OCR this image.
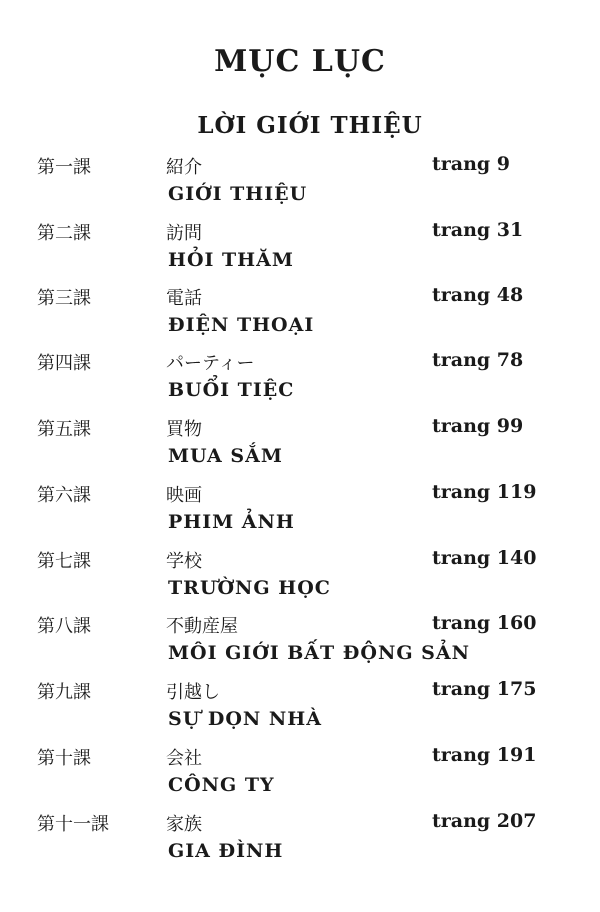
MỤC LỤC
LỜI GIỚI THIỆU
第一課	紹介	trang 9
GIỚI THIỆU
第二課	訪問	trang 31
HỎI THĂM
第三課	電話	trang 48
ĐIỆN THOẠI
第四課	パーティー	trang 78
BUỔI TIỆC
第五課	買物	trang 99
MUA SẮM
第六課	映画	trang 119
PHIM ẢNH
第七課	学校	trang 140
TRƯỜNG HỌC
第八課	不動産屋	trang 160
MÔI GIỚI BẤT ĐỘNG SẢN
第九課	引越し	trang 175
SỰ DỌN NHÀ
第十課	会社	trang 191
CÔNG TY
第十一課	家族	trang 207
GIA ĐÌNH
